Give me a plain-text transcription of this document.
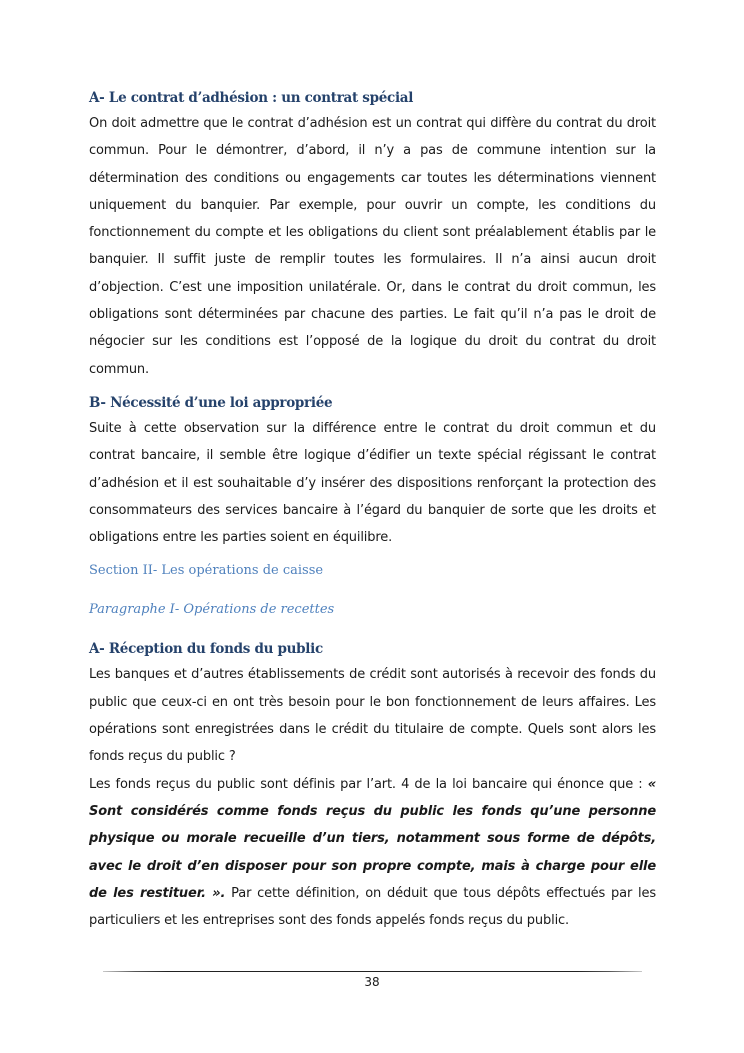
A- Le contrat d’adhésion : un contrat spécial

On doit admettre que le contrat d’adhésion est un contrat qui diffère du contrat du droit commun. Pour le démontrer, d’abord, il n’y a pas de commune intention sur la détermination des conditions ou engagements car toutes les déterminations viennent uniquement du banquier. Par exemple, pour ouvrir un compte, les conditions du fonctionnement du compte et les obligations du client sont préalablement établis par le banquier. Il suffit juste de remplir toutes les formulaires. Il n’a ainsi aucun droit d’objection. C’est une imposition unilatérale. Or, dans le contrat du droit commun, les obligations sont déterminées par chacune des parties. Le fait qu’il n’a pas le droit de négocier sur les conditions est l’opposé de la logique du droit du contrat du droit commun.

B- Nécessité d’une loi appropriée

Suite à cette observation sur la différence entre le contrat du droit commun et du contrat bancaire, il semble être logique d’édifier un texte spécial régissant le contrat d’adhésion et il est souhaitable d’y insérer des dispositions renforçant la protection des consommateurs des services bancaire à l’égard du banquier de sorte que les droits et obligations entre les parties soient en équilibre.

Section II- Les opérations de caisse

Paragraphe I- Opérations de recettes

A- Réception du fonds du public

Les banques et d’autres établissements de crédit sont autorisés à recevoir des fonds du public que ceux-ci en ont très besoin pour le bon fonctionnement de leurs affaires. Les opérations sont enregistrées dans le crédit du titulaire de compte. Quels sont alors les fonds reçus du public ?

Les fonds reçus du public sont définis par l’art. 4 de la loi bancaire qui énonce que : « Sont considérés comme fonds reçus du public les fonds qu’une personne physique ou morale recueille d’un tiers, notamment sous forme de dépôts, avec le droit d’en disposer pour son propre compte, mais à charge pour elle de les restituer. ». Par cette définition, on déduit que tous dépôts effectués par les particuliers et les entreprises sont des fonds appelés fonds reçus du public.

38
